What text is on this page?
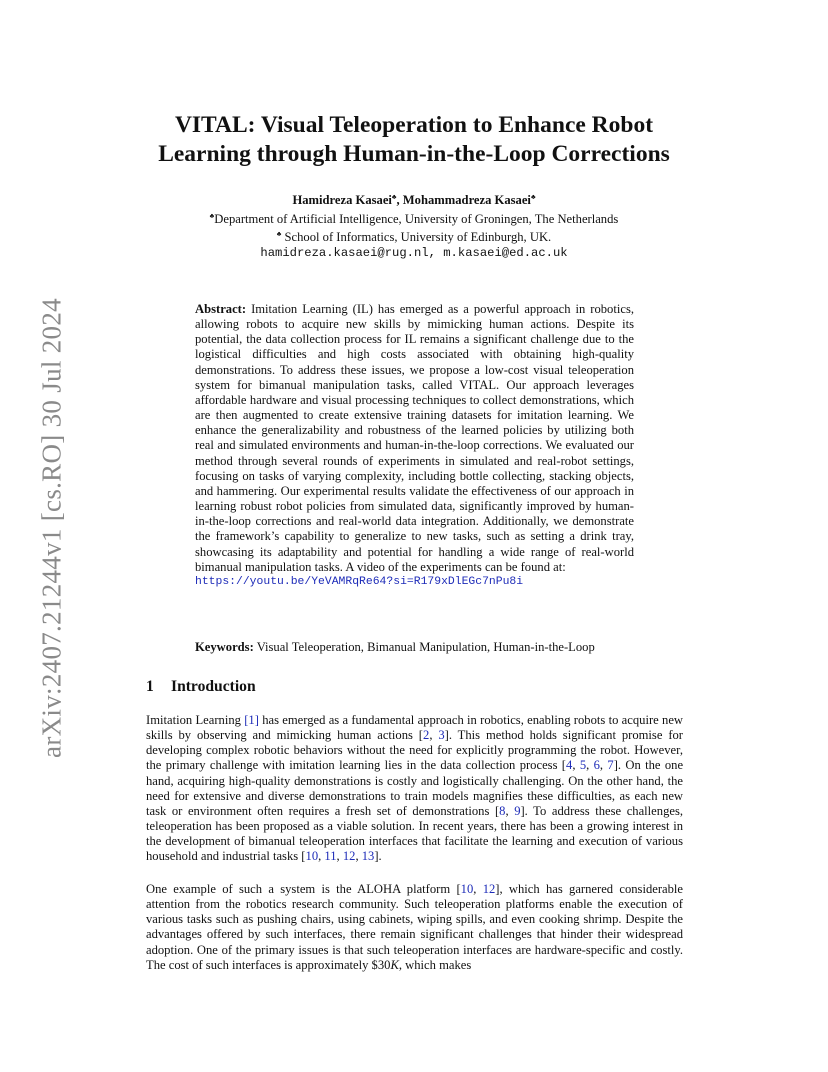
arXiv:2407.21244v1 [cs.RO] 30 Jul 2024
VITAL: Visual Teleoperation to Enhance Robot
Learning through Human-in-the-Loop Corrections
Hamidreza Kasaei♣, Mohammadreza Kasaei♣
♣Department of Artificial Intelligence, University of Groningen, The Netherlands
♣ School of Informatics, University of Edinburgh, UK.
hamidreza.kasaei@rug.nl, m.kasaei@ed.ac.uk
Abstract: Imitation Learning (IL) has emerged as a powerful approach in robotics, allowing robots to acquire new skills by mimicking human actions. Despite its potential, the data collection process for IL remains a significant challenge due to the logistical difficulties and high costs associated with obtaining high-quality demonstrations. To address these issues, we propose a low-cost visual teleoperation system for bimanual manipulation tasks, called VITAL. Our approach leverages affordable hardware and visual processing techniques to collect demonstrations, which are then augmented to create extensive training datasets for imitation learning. We enhance the generalizability and robustness of the learned policies by utilizing both real and simulated environments and human-in-the-loop corrections. We evaluated our method through several rounds of experiments in simulated and real-robot settings, focusing on tasks of varying complexity, including bottle collecting, stacking objects, and hammering. Our experimental results validate the effectiveness of our approach in learning robust robot policies from simulated data, significantly improved by human-in-the-loop corrections and real-world data integration. Additionally, we demonstrate the framework’s capability to generalize to new tasks, such as setting a drink tray, showcasing its adaptability and potential for handling a wide range of real-world bimanual manipulation tasks. A video of the experiments can be found at:
https://youtu.be/YeVAMRqRe64?si=R179xDlEGc7nPu8i
Keywords: Visual Teleoperation, Bimanual Manipulation, Human-in-the-Loop
1 Introduction
Imitation Learning [1] has emerged as a fundamental approach in robotics, enabling robots to acquire new skills by observing and mimicking human actions [2, 3]. This method holds significant promise for developing complex robotic behaviors without the need for explicitly programming the robot. However, the primary challenge with imitation learning lies in the data collection process [4, 5, 6, 7]. On the one hand, acquiring high-quality demonstrations is costly and logistically challenging. On the other hand, the need for extensive and diverse demonstrations to train models magnifies these difficulties, as each new task or environment often requires a fresh set of demonstrations [8, 9]. To address these challenges, teleoperation has been proposed as a viable solution. In recent years, there has been a growing interest in the development of bimanual teleoperation interfaces that facilitate the learning and execution of various household and industrial tasks [10, 11, 12, 13].
One example of such a system is the ALOHA platform [10, 12], which has garnered considerable attention from the robotics research community. Such teleoperation platforms enable the execution of various tasks such as pushing chairs, using cabinets, wiping spills, and even cooking shrimp. Despite the advantages offered by such interfaces, there remain significant challenges that hinder their widespread adoption. One of the primary issues is that such teleoperation interfaces are hardware-specific and costly. The cost of such interfaces is approximately $30K, which makes
